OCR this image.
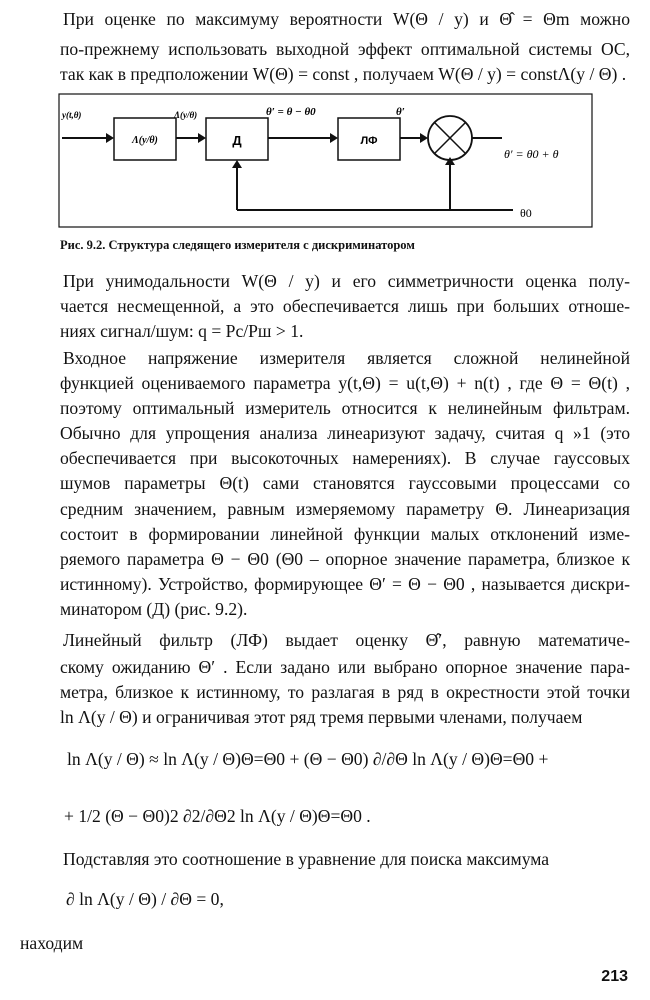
При оценке по максимуму вероятности W(Θ / y) и Θ̂ = Θm можно
по-прежнему использовать выходной эффект оптимальной системы ОС,
так как в предположении W(Θ) = const , получаем W(Θ / y) = constΛ(y / Θ) .
y(t,θ)
Λ(y/θ)
Λ(y/θ)
Д
θ′ = θ − θ0
ЛФ
θ′
θ′ = θ0 + θ
θ0
Рис. 9.2. Структура следящего измерителя с дискриминатором
При унимодальности W(Θ / y) и его симметричности оценка полу-
чается несмещенной, а это обеспечивается лишь при больших отноше-
ниях сигнал/шум: q = Pc/Pш > 1.
Входное напряжение измерителя является сложной нелинейной
функцией оцениваемого параметра y(t,Θ) = u(t,Θ) + n(t) , где Θ = Θ(t) ,
поэтому оптимальный измеритель относится к нелинейным фильтрам.
Обычно для упрощения анализа линеаризуют задачу, считая q »1 (это
обеспечивается при высокоточных намерениях). В случае гауссовых
шумов параметры Θ(t) сами становятся гауссовыми процессами со
средним значением, равным измеряемому параметру Θ. Линеаризация
состоит в формировании линейной функции малых отклонений изме-
ряемого параметра Θ − Θ0 (Θ0 – опорное значение параметра, близкое к
истинному). Устройство, формирующее Θ′ = Θ − Θ0 , называется дискри-
минатором (Д) (рис. 9.2).
Линейный фильтр (ЛФ) выдает оценку Θ̂′, равную математиче-
скому ожиданию Θ′ . Если задано или выбрано опорное значение пара-
метра, близкое к истинному, то разлагая в ряд в окрестности этой точки
ln Λ(y / Θ) и ограничивая этот ряд тремя первыми членами, получаем
ln Λ(y / Θ) ≈ ln Λ(y / Θ)Θ=Θ0 + (Θ − Θ0) ∂/∂Θ ln Λ(y / Θ)Θ=Θ0 +
+ 1/2 (Θ − Θ0)2 ∂2/∂Θ2 ln Λ(y / Θ)Θ=Θ0 .
Подставляя это соотношение в уравнение для поиска максимума
∂ ln Λ(y / Θ) / ∂Θ = 0,
находим
213
